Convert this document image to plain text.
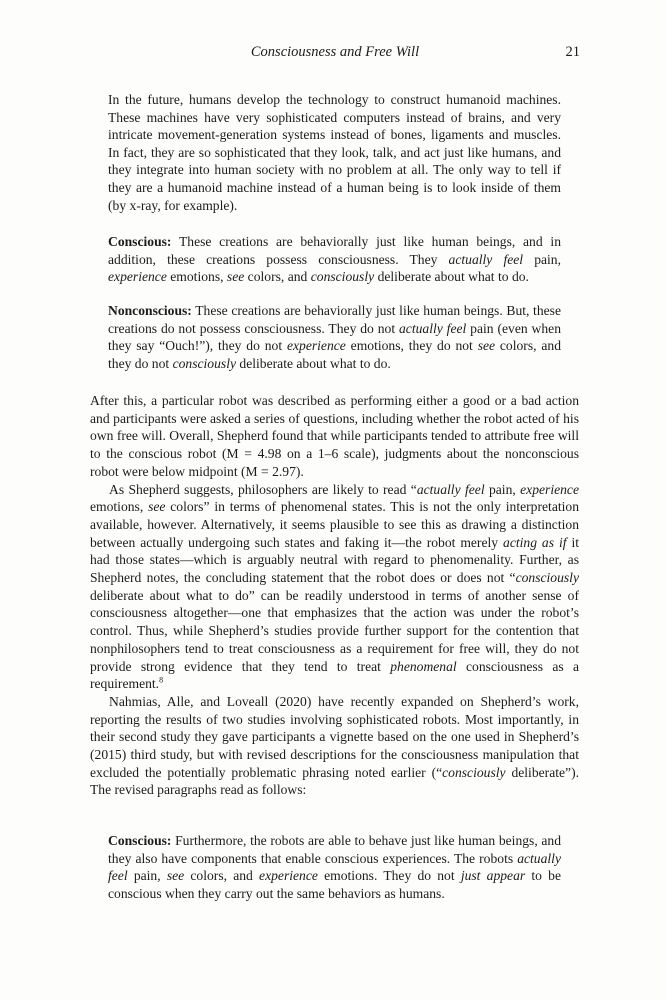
Consciousness and Free Will	21

In the future, humans develop the technology to construct humanoid machines. These machines have very sophisticated computers instead of brains, and very intricate movement-generation systems instead of bones, ligaments and muscles. In fact, they are so sophisticated that they look, talk, and act just like humans, and they integrate into human society with no problem at all. The only way to tell if they are a humanoid machine instead of a human being is to look inside of them (by x-ray, for example).

Conscious: These creations are behaviorally just like human beings, and in addition, these creations possess consciousness. They actually feel pain, experience emotions, see colors, and consciously deliberate about what to do.

Nonconscious: These creations are behaviorally just like human beings. But, these creations do not possess consciousness. They do not actually feel pain (even when they say “Ouch!”), they do not experience emotions, they do not see colors, and they do not consciously deliberate about what to do.

After this, a particular robot was described as performing either a good or a bad action and participants were asked a series of questions, including whether the robot acted of his own free will. Overall, Shepherd found that while participants tended to attribute free will to the conscious robot (M = 4.98 on a 1–6 scale), judgments about the nonconscious robot were below midpoint (M = 2.97).

As Shepherd suggests, philosophers are likely to read “actually feel pain, experience emotions, see colors” in terms of phenomenal states. This is not the only interpretation available, however. Alternatively, it seems plausible to see this as drawing a distinction between actually undergoing such states and faking it—the robot merely acting as if it had those states—which is arguably neutral with regard to phenomenality. Further, as Shepherd notes, the concluding statement that the robot does or does not “consciously deliberate about what to do” can be readily understood in terms of another sense of consciousness altogether—one that emphasizes that the action was under the robot’s control. Thus, while Shepherd’s studies provide further support for the contention that nonphilosophers tend to treat consciousness as a requirement for free will, they do not provide strong evidence that they tend to treat phenomenal consciousness as a requirement.$^8$

Nahmias, Alle, and Loveall (2020) have recently expanded on Shepherd’s work, reporting the results of two studies involving sophisticated robots. Most importantly, in their second study they gave participants a vignette based on the one used in Shepherd’s (2015) third study, but with revised descriptions for the consciousness manipulation that excluded the potentially problematic phrasing noted earlier (“consciously deliberate”). The revised paragraphs read as follows:

Conscious: Furthermore, the robots are able to behave just like human beings, and they also have components that enable conscious experiences. The robots actually feel pain, see colors, and experience emotions. They do not just appear to be conscious when they carry out the same behaviors as humans.
